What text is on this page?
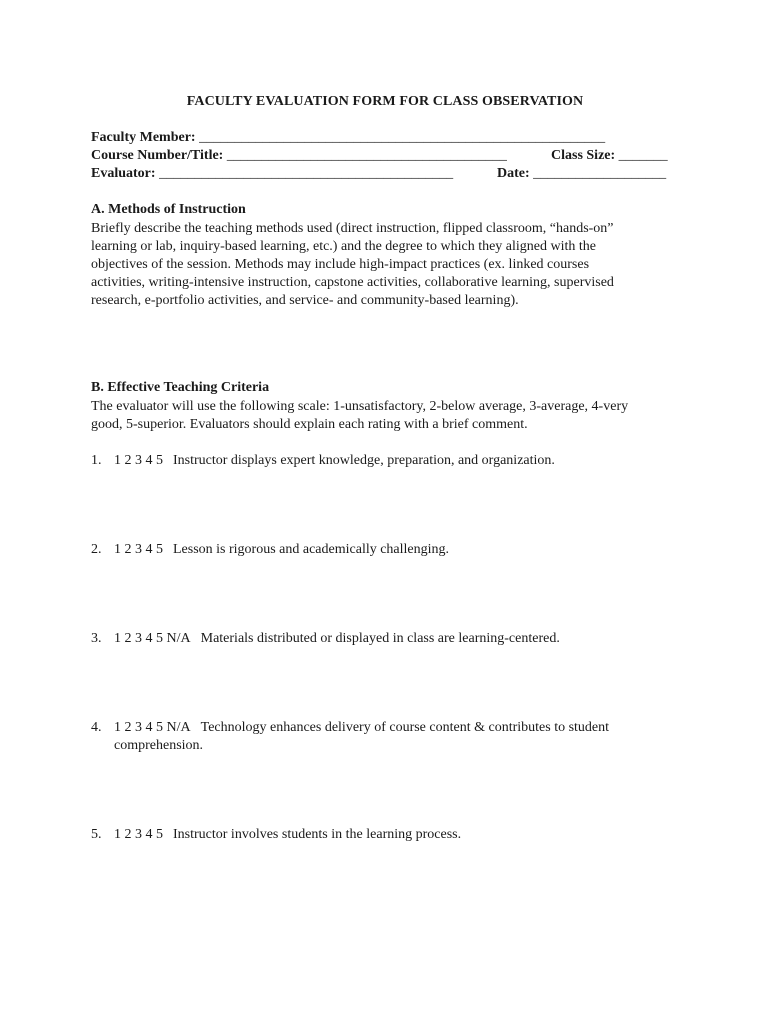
FACULTY EVALUATION FORM FOR CLASS OBSERVATION
Faculty Member: __________________________________________________________
Course Number/Title: ________________________________________	Class Size: _______
Evaluator: __________________________________________	Date: ___________________
A. Methods of Instruction
Briefly describe the teaching methods used (direct instruction, flipped classroom, “hands-on”
learning or lab, inquiry-based learning, etc.) and the degree to which they aligned with the
objectives of the session. Methods may include high-impact practices (ex. linked courses
activities, writing-intensive instruction, capstone activities, collaborative learning, supervised
research, e-portfolio activities, and service- and community-based learning).
B. Effective Teaching Criteria
The evaluator will use the following scale: 1-unsatisfactory, 2-below average, 3-average, 4-very
good, 5-superior. Evaluators should explain each rating with a brief comment.
1. 1 2 3 4 5 Instructor displays expert knowledge, preparation, and organization.
2. 1 2 3 4 5 Lesson is rigorous and academically challenging.
3. 1 2 3 4 5 N/A Materials distributed or displayed in class are learning-centered.
4. 1 2 3 4 5 N/A Technology enhances delivery of course content & contributes to student comprehension.
5. 1 2 3 4 5 Instructor involves students in the learning process.
